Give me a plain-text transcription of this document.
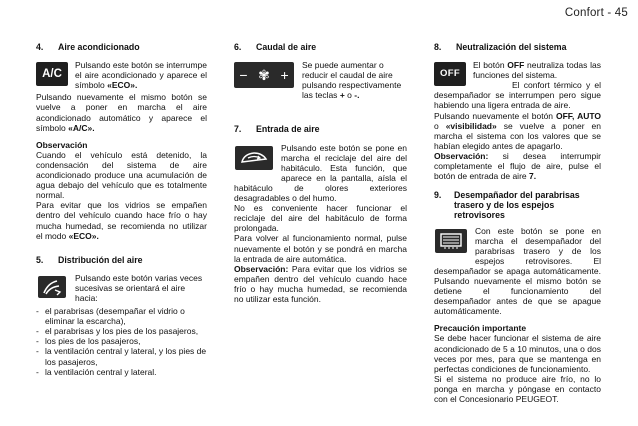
Confort - 45
4. Aire acondicionado
A/C

Pulsando este botón se interrumpe el aire acondicionado y aparece el símbolo «ECO».

Pulsando nuevamente el mismo botón se vuelve a poner en marcha el aire acondicionado automático y aparece el símbolo «A/C».

Observación

Cuando el vehículo está detenido, la condensación del sistema de aire acondicionado produce una acumulación de agua debajo del vehículo que es totalmente normal.

Para evitar que los vidrios se empañen dentro del vehículo cuando hace frío o hay mucha humedad, se recomienda no utilizar el modo «ECO».

5. Distribución del aire

Pulsando este botón varias veces sucesivas se orientará el aire hacia:

- el parabrisas (desempañar el vidrio o eliminar la escarcha),
- el parabrisas y los pies de los pasajeros,
- los pies de los pasajeros,
- la ventilación central y lateral, y los pies de los pasajeros,
- la ventilación central y lateral.
6. Caudal de aire
− ✾ +

Se puede aumentar o reducir el caudal de aire pulsando respectivamente las teclas + o -.

7. Entrada de aire

Pulsando este botón se pone en marcha el reciclaje del aire del habitáculo. Esta función, que aparece en la pantalla, aísla el habitáculo de olores exteriores desagradables o del humo.

No es conveniente hacer funcionar el reciclaje del aire del habitáculo de forma prolongada.

Para volver al funcionamiento normal, pulse nuevamente el botón y se pondrá en marcha la entrada de aire automática.

Observación: Para evitar que los vidrios se empañen dentro del vehículo cuando hace frío o hay mucha humedad, se recomienda no utilizar esta función.

8. Neutralización del sistema
OFF

El botón OFF neutraliza todas las funciones del sistema.

El confort térmico y el desempañador se interrumpen pero sigue habiendo una ligera entrada de aire.

Pulsando nuevamente el botón OFF, AUTO o «visibilidad» se vuelve a poner en marcha el sistema con los valores que se habían elegido antes de apagarlo.

Observación: si desea interrumpir completamente el flujo de aire, pulse el botón de entrada de aire 7.

9.	Desempañador del parabrisas trasero y de los espejos retrovisores

Con este botón se pone en marcha el desempañador del parabrisas trasero y de los espejos retrovisores. El desempañador se apaga automáticamente. Pulsando nuevamente el mismo botón se detiene el funcionamiento del desempañador antes de que se apague automáticamente.

Precaución importante

Se debe hacer funcionar el sistema de aire acondicionado de 5 a 10 minutos, una o dos veces por mes, para que se mantenga en perfectas condiciones de funcionamiento.

Si el sistema no produce aire frío, no lo ponga en marcha y póngase en contacto con el Concesionario PEUGEOT.
